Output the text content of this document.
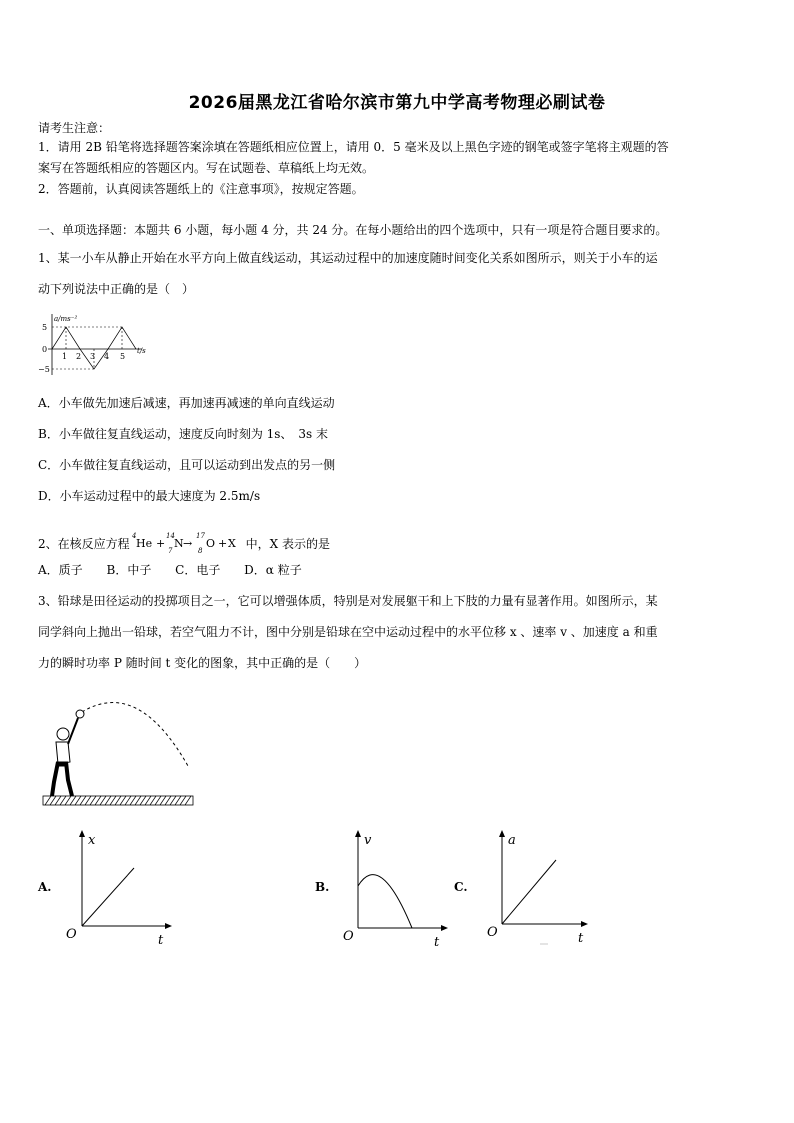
2026届黑龙江省哈尔滨市第九中学高考物理必刷试卷
请考生注意：
1．请用 2B 铅笔将选择题答案涂填在答题纸相应位置上，请用 0．5 毫米及以上黑色字迹的钢笔或签字笔将主观题的答
案写在答题纸相应的答题区内。写在试题卷、草稿纸上均无效。
2．答题前，认真阅读答题纸上的《注意事项》，按规定答题。
一、单项选择题：本题共 6 小题，每小题 4 分，共 24 分。在每小题给出的四个选项中，只有一项是符合题目要求的。
1、某一小车从静止开始在水平方向上做直线运动，其运动过程中的加速度随时间变化关系如图所示，则关于小车的运
动下列说法中正确的是（　）
a/ms⁻²
t/s
5
0
−5
1 2 3 4 5
A．小车做先加速后减速，再加速再减速的单向直线运动
B．小车做往复直线运动，速度反向时刻为 1s、　3s 末
C．小车做往复直线运动，且可以运动到出发点的另一侧
D．小车运动过程中的最大速度为 2.5m/s
2、在核反应方程
4
He +
14
7
N →
17
8
O + X 中，X 表示的是
A．质子 B．中子 C．电子 D．α 粒子
3、铅球是田径运动的投掷项目之一，它可以增强体质，特别是对发展躯干和上下肢的力量有显著作用。如图所示，某
同学斜向上抛出一铅球，若空气阻力不计，图中分别是铅球在空中运动过程中的水平位移 x 、速率 v 、加速度 a 和重
力的瞬时功率 P 随时间 t 变化的图象，其中正确的是（　　）
A.
x
t
O
B.
v
t
O
C.
a
t
O
